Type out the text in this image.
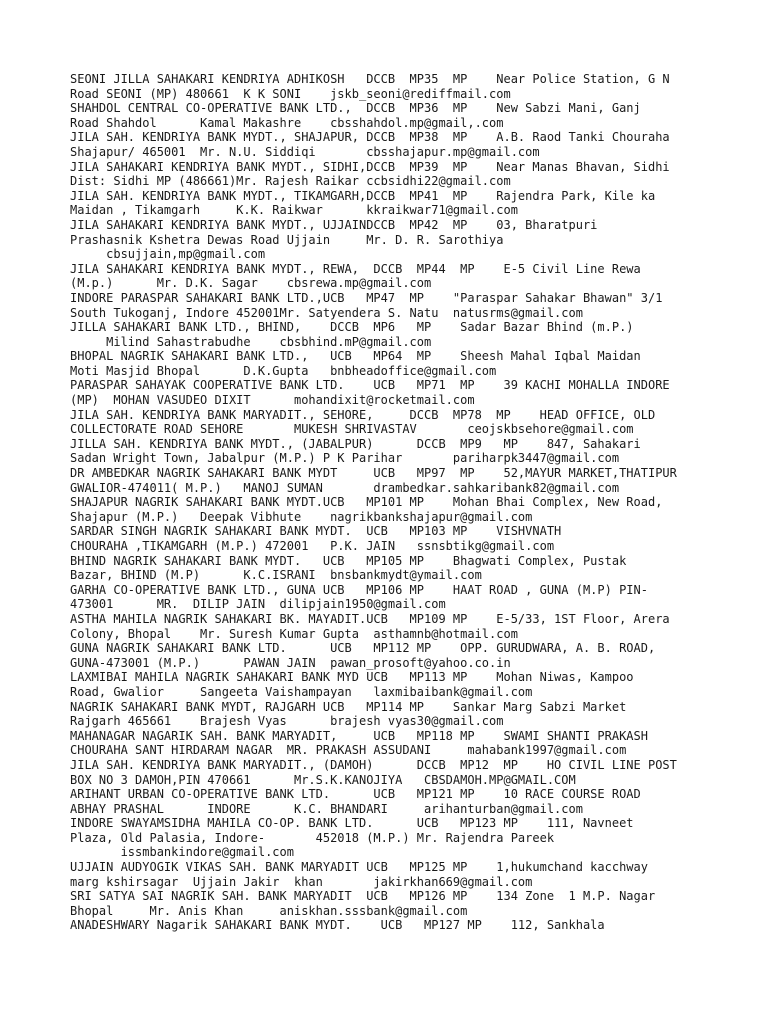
SEONI JILLA SAHAKARI KENDRIYA ADHIKOSH   DCCB  MP35  MP    Near Police Station, G N
Road SEONI (MP) 480661  K K SONI    jskb_seoni@rediffmail.com
SHAHDOL CENTRAL CO-OPERATIVE BANK LTD.,  DCCB  MP36  MP    New Sabzi Mani, Ganj
Road Shahdol      Kamal Makashre    cbsshahdol.mp@gmail,.com
JILA SAH. KENDRIYA BANK MYDT., SHAJAPUR, DCCB  MP38  MP    A.B. Raod Tanki Chouraha
Shajapur/ 465001  Mr. N.U. Siddiqi       cbsshajapur.mp@gmail.com
JILA SAHAKARI KENDRIYA BANK MYDT., SIDHI,DCCB  MP39  MP    Near Manas Bhavan, Sidhi
Dist: Sidhi MP (486661)Mr. Rajesh Raikar ccbsidhi22@gmail.com
JILA SAH. KENDRIYA BANK MYDT., TIKAMGARH,DCCB  MP41  MP    Rajendra Park, Kile ka
Maidan , Tikamgarh     K.K. Raikwar      kkraikwar71@gmail.com
JILA SAHAKARI KENDRIYA BANK MYDT., UJJAINDCCB  MP42  MP    03, Bharatpuri
Prashasnik Kshetra Dewas Road Ujjain     Mr. D. R. Sarothiya
cbsujjain,mp@gmail.com
JILA SAHAKARI KENDRIYA BANK MYDT., REWA,  DCCB  MP44  MP    E-5 Civil Line Rewa
(M.p.)      Mr. D.K. Sagar    cbsrewa.mp@gmail.com
INDORE PARASPAR SAHAKARI BANK LTD.,UCB   MP47  MP    "Paraspar Sahakar Bhawan" 3/1
South Tukoganj, Indore 452001Mr. Satyendera S. Natu  natusrms@gmail.com
JILLA SAHAKARI BANK LTD., BHIND,    DCCB  MP6   MP    Sadar Bazar Bhind (m.P.)
Milind Sahastrabudhe    cbsbhind.mP@gmail.com
BHOPAL NAGRIK SAHAKARI BANK LTD.,   UCB   MP64  MP    Sheesh Mahal Iqbal Maidan
Moti Masjid Bhopal      D.K.Gupta   bnbheadoffice@gmail.com
PARASPAR SAHAYAK COOPERATIVE BANK LTD.    UCB   MP71  MP    39 KACHI MOHALLA INDORE
(MP)  MOHAN VASUDEO DIXIT      mohandixit@rocketmail.com
JILA SAH. KENDRIYA BANK MARYADIT., SEHORE,     DCCB  MP78  MP    HEAD OFFICE, OLD
COLLECTORATE ROAD SEHORE       MUKESH SHRIVASTAV       ceojskbsehore@gmail.com
JILLA SAH. KENDRIYA BANK MYDT., (JABALPUR)      DCCB  MP9   MP    847, Sahakari
Sadan Wright Town, Jabalpur (M.P.) P K Parihar       pariharpk3447@gmail.com
DR AMBEDKAR NAGRIK SAHAKARI BANK MYDT     UCB   MP97  MP    52,MAYUR MARKET,THATIPUR
GWALIOR-474011( M.P.)   MANOJ SUMAN       drambedkar.sahkaribank82@gmail.com
SHAJAPUR NAGRIK SAHAKARI BANK MYDT.UCB   MP101 MP    Mohan Bhai Complex, New Road,
Shajapur (M.P.)   Deepak Vibhute    nagrikbankshajapur@gmail.com
SARDAR SINGH NAGRIK SAHAKARI BANK MYDT.  UCB   MP103 MP    VISHVNATH
CHOURAHA ,TIKAMGARH (M.P.) 472001   P.K. JAIN   ssnsbtikg@gmail.com
BHIND NAGRIK SAHAKARI BANK MYDT.   UCB   MP105 MP    Bhagwati Complex, Pustak
Bazar, BHIND (M.P)      K.C.ISRANI  bnsbankmydt@ymail.com
GARHA CO-OPERATIVE BANK LTD., GUNA UCB   MP106 MP    HAAT ROAD , GUNA (M.P) PIN-
473001      MR.  DILIP JAIN  dilipjain1950@gmail.com
ASTHA MAHILA NAGRIK SAHAKARI BK. MAYADIT.UCB   MP109 MP    E-5/33, 1ST Floor, Arera
Colony, Bhopal    Mr. Suresh Kumar Gupta  asthamnb@hotmail.com
GUNA NAGRIK SAHAKARI BANK LTD.      UCB   MP112 MP    OPP. GURUDWARA, A. B. ROAD,
GUNA-473001 (M.P.)      PAWAN JAIN  pawan_prosoft@yahoo.co.in
LAXMIBAI MAHILA NAGRIK SAHAKARI BANK MYD UCB   MP113 MP    Mohan Niwas, Kampoo
Road, Gwalior     Sangeeta Vaishampayan   laxmibaibank@gmail.com
NAGRIK SAHAKARI BANK MYDT, RAJGARH UCB   MP114 MP    Sankar Marg Sabzi Market
Rajgarh 465661    Brajesh Vyas      brajesh vyas30@gmail.com
MAHANAGAR NAGARIK SAH. BANK MARYADIT,     UCB   MP118 MP    SWAMI SHANTI PRAKASH
CHOURAHA SANT HIRDARAM NAGAR  MR. PRAKASH ASSUDANI     mahabank1997@gmail.com
JILA SAH. KENDRIYA BANK MARYADIT., (DAMOH)      DCCB  MP12  MP    HO CIVIL LINE POST
BOX NO 3 DAMOH,PIN 470661      Mr.S.K.KANOJIYA   CBSDAMOH.MP@GMAIL.COM
ARIHANT URBAN CO-OPERATIVE BANK LTD.      UCB   MP121 MP    10 RACE COURSE ROAD
ABHAY PRASHAL      INDORE      K.C. BHANDARI     arihanturban@gmail.com
INDORE SWAYAMSIDHA MAHILA CO-OP. BANK LTD.      UCB   MP123 MP    111, Navneet
Plaza, Old Palasia, Indore-       452018 (M.P.) Mr. Rajendra Pareek
issmbankindore@gmail.com
UJJAIN AUDYOGIK VIKAS SAH. BANK MARYADIT UCB   MP125 MP    1,hukumchand kacchway
marg kshirsagar  Ujjain Jakir  khan       jakirkhan669@gmail.com
SRI SATYA SAI NAGRIK SAH. BANK MARYADIT  UCB   MP126 MP    134 Zone  1 M.P. Nagar
Bhopal     Mr. Anis Khan     aniskhan.sssbank@gmail.com
ANADESHWARY Nagarik SAHAKARI BANK MYDT.    UCB   MP127 MP    112, Sankhala
